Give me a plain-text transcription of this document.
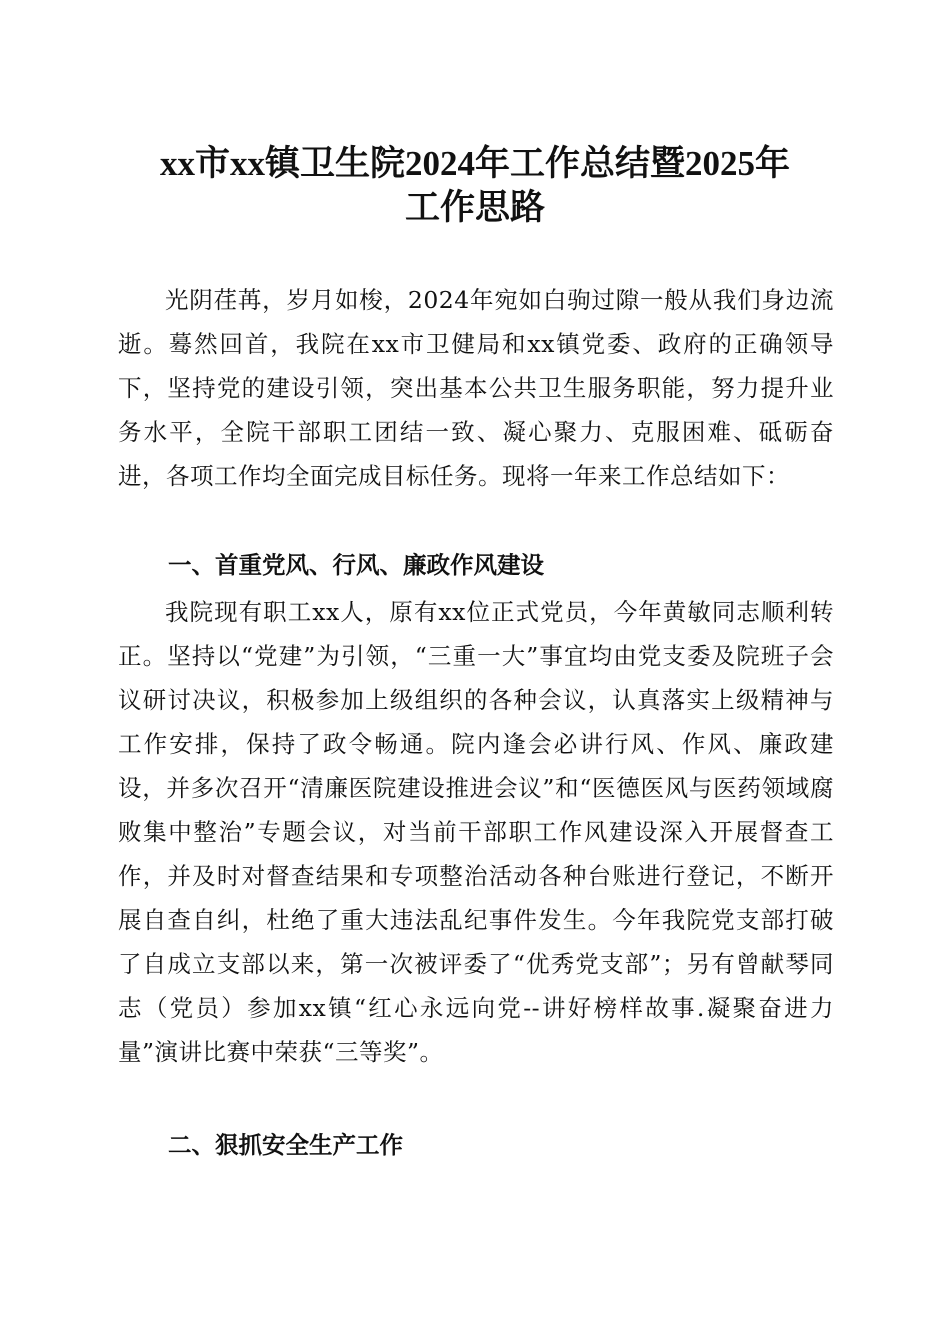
xx市xx镇卫生院2024年工作总结暨2025年
工作思路

光阴荏苒，岁月如梭，2024年宛如白驹过隙一般从我们身边流逝。蓦然回首，我院在xx市卫健局和xx镇党委、政府的正确领导下，坚持党的建设引领，突出基本公共卫生服务职能，努力提升业务水平，全院干部职工团结一致、凝心聚力、克服困难、砥砺奋进，各项工作均全面完成目标任务。现将一年来工作总结如下：

一、首重党风、行风、廉政作风建设

我院现有职工xx人，原有xx位正式党员，今年黄敏同志顺利转正。坚持以“党建”为引领，“三重一大”事宜均由党支委及院班子会议研讨决议，积极参加上级组织的各种会议，认真落实上级精神与工作安排，保持了政令畅通。院内逢会必讲行风、作风、廉政建设，并多次召开“清廉医院建设推进会议”和“医德医风与医药领域腐败集中整治”专题会议，对当前干部职工作风建设深入开展督查工作，并及时对督查结果和专项整治活动各种台账进行登记，不断开展自查自纠，杜绝了重大违法乱纪事件发生。今年我院党支部打破了自成立支部以来，第一次被评委了“优秀党支部”；另有曾献琴同志（党员）参加xx镇“红心永远向党--讲好榜样故事.凝聚奋进力量”演讲比赛中荣获“三等奖”。

二、狠抓安全生产工作
